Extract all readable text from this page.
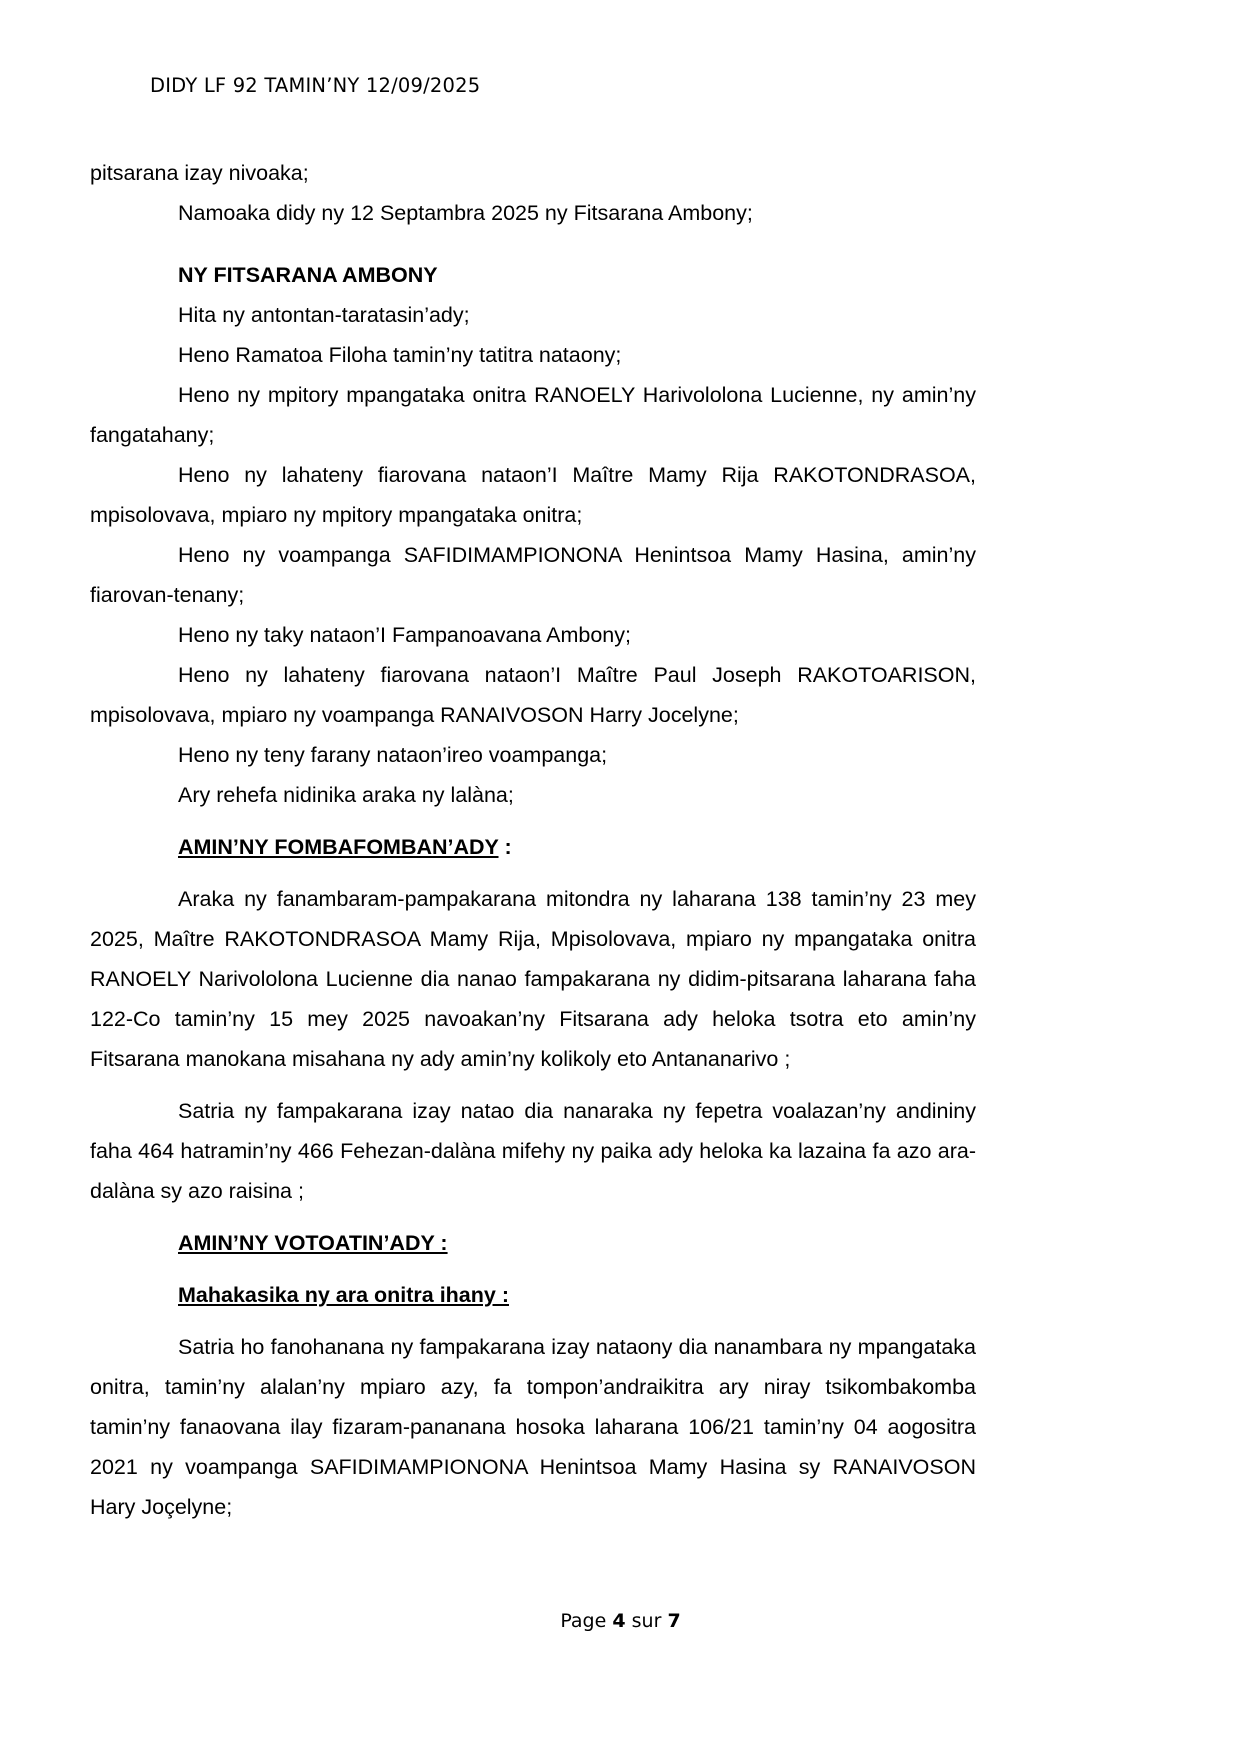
DIDY LF 92 TAMIN’NY 12/09/2025

pitsarana izay nivoaka;

Namoaka didy ny 12 Septambra 2025 ny Fitsarana Ambony;

NY FITSARANA AMBONY

Hita ny antontan-taratasin’ady;

Heno Ramatoa Filoha tamin’ny tatitra nataony;

Heno ny mpitory mpangataka onitra RANOELY Harivololona Lucienne, ny amin’ny fangatahany;

Heno ny lahateny fiarovana nataon’I Maître Mamy Rija RAKOTONDRASOA, mpisolovava, mpiaro ny mpitory mpangataka onitra;

Heno ny voampanga SAFIDIMAMPIONONA Henintsoa Mamy Hasina, amin’ny fiarovan-tenany;

Heno ny taky nataon’I Fampanoavana Ambony;

Heno ny lahateny fiarovana nataon’I Maître Paul Joseph RAKOTOARISON, mpisolovava, mpiaro ny voampanga RANAIVOSON Harry Jocelyne;

Heno ny teny farany nataon’ireo voampanga;

Ary rehefa nidinika araka ny lalàna;

AMIN’NY FOMBAFOMBAN’ADY :

Araka ny fanambaram-pampakarana mitondra ny laharana 138 tamin’ny 23 mey 2025, Maître RAKOTONDRASOA Mamy Rija, Mpisolovava, mpiaro ny mpangataka onitra RANOELY Narivololona Lucienne dia nanao fampakarana ny didim-pitsarana laharana faha 122-Co tamin’ny 15 mey 2025 navoakan’ny Fitsarana ady heloka tsotra eto amin’ny Fitsarana manokana misahana ny ady amin’ny kolikoly eto Antananarivo ;

Satria ny fampakarana izay natao dia nanaraka ny fepetra voalazan’ny andininy faha 464 hatramin’ny 466 Fehezan-dalàna mifehy ny paika ady heloka ka lazaina fa azo ara-dalàna sy azo raisina ;

AMIN’NY VOTOATIN’ADY :

Mahakasika ny ara onitra ihany :

Satria ho fanohanana ny fampakarana izay nataony dia nanambara ny mpangataka onitra, tamin’ny alalan’ny mpiaro azy, fa tompon’andraikitra ary niray tsikombakomba tamin’ny fanaovana ilay fizaram-pananana hosoka laharana 106/21 tamin’ny 04 aogositra 2021 ny voampanga SAFIDIMAMPIONONA Henintsoa Mamy Hasina sy RANAIVOSON Hary Joçelyne;

Page 4 sur 7
